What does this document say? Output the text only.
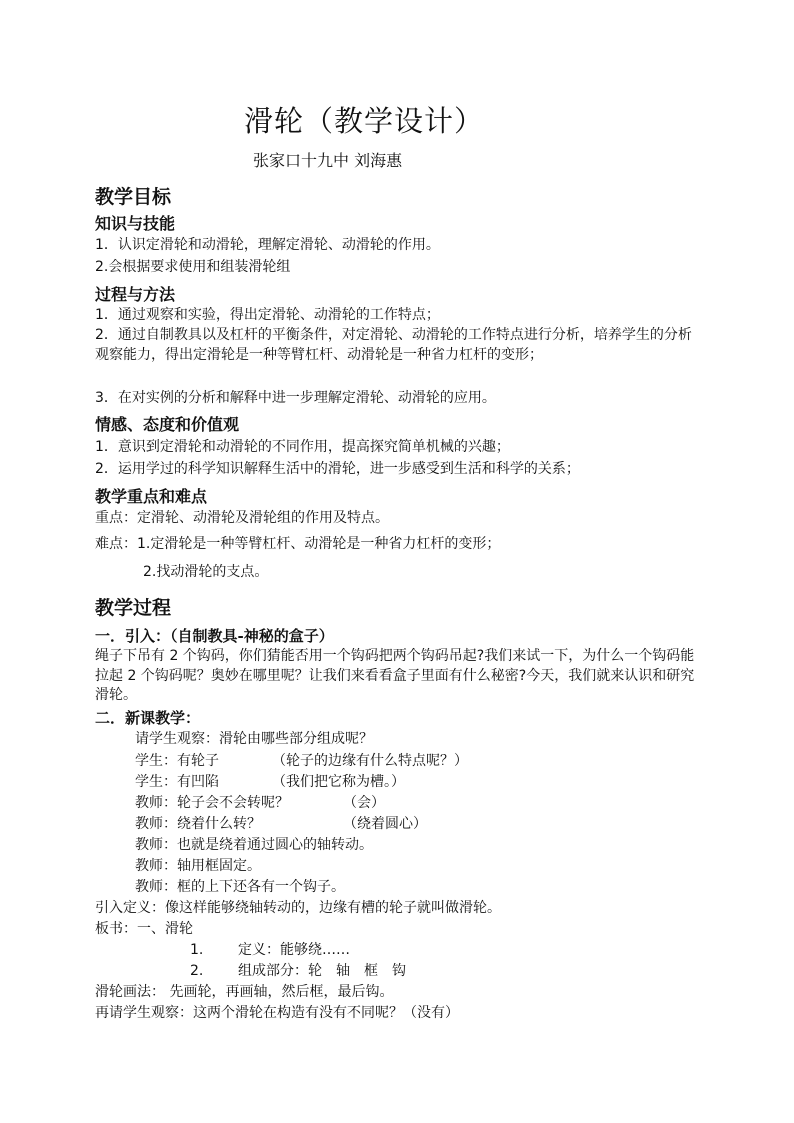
滑轮（教学设计）
张家口十九中 刘海惠
教学目标
知识与技能
1．认识定滑轮和动滑轮，理解定滑轮、动滑轮的作用。
2.会根据要求使用和组装滑轮组
过程与方法
1．通过观察和实验，得出定滑轮、动滑轮的工作特点；
2．通过自制教具以及杠杆的平衡条件，对定滑轮、动滑轮的工作特点进行分析，培养学生的分析观察能力，得出定滑轮是一种等臂杠杆、动滑轮是一种省力杠杆的变形；
3．在对实例的分析和解释中进一步理解定滑轮、动滑轮的应用。
情感、态度和价值观
1．意识到定滑轮和动滑轮的不同作用，提高探究简单机械的兴趣；
2．运用学过的科学知识解释生活中的滑轮，进一步感受到生活和科学的关系；
教学重点和难点
重点：定滑轮、动滑轮及滑轮组的作用及特点。
难点：1.定滑轮是一种等臂杠杆、动滑轮是一种省力杠杆的变形；
2.找动滑轮的支点。
教学过程
一．引入：（自制教具-神秘的盒子）
绳子下吊有 2 个钩码，你们猜能否用一个钩码把两个钩码吊起?我们来试一下，为什么一个钩码能拉起 2 个钩码呢？奥妙在哪里呢？让我们来看看盒子里面有什么秘密?今天，我们就来认识和研究滑轮。
二．新课教学：
请学生观察：滑轮由哪些部分组成呢？
学生：有轮子	（轮子的边缘有什么特点呢？）
学生：有凹陷	（我们把它称为槽。）
教师：轮子会不会转呢？	（会）
教师：绕着什么转？	（绕着圆心）
教师：也就是绕着通过圆心的轴转动。
教师：轴用框固定。
教师：框的上下还各有一个钩子。
引入定义：像这样能够绕轴转动的，边缘有槽的轮子就叫做滑轮。
板书：一、滑轮
1. 定义：能够绕……
2. 组成部分：轮　轴　框　钩
滑轮画法： 先画轮，再画轴，然后框，最后钩。
再请学生观察：这两个滑轮在构造有没有不同呢？（没有）
